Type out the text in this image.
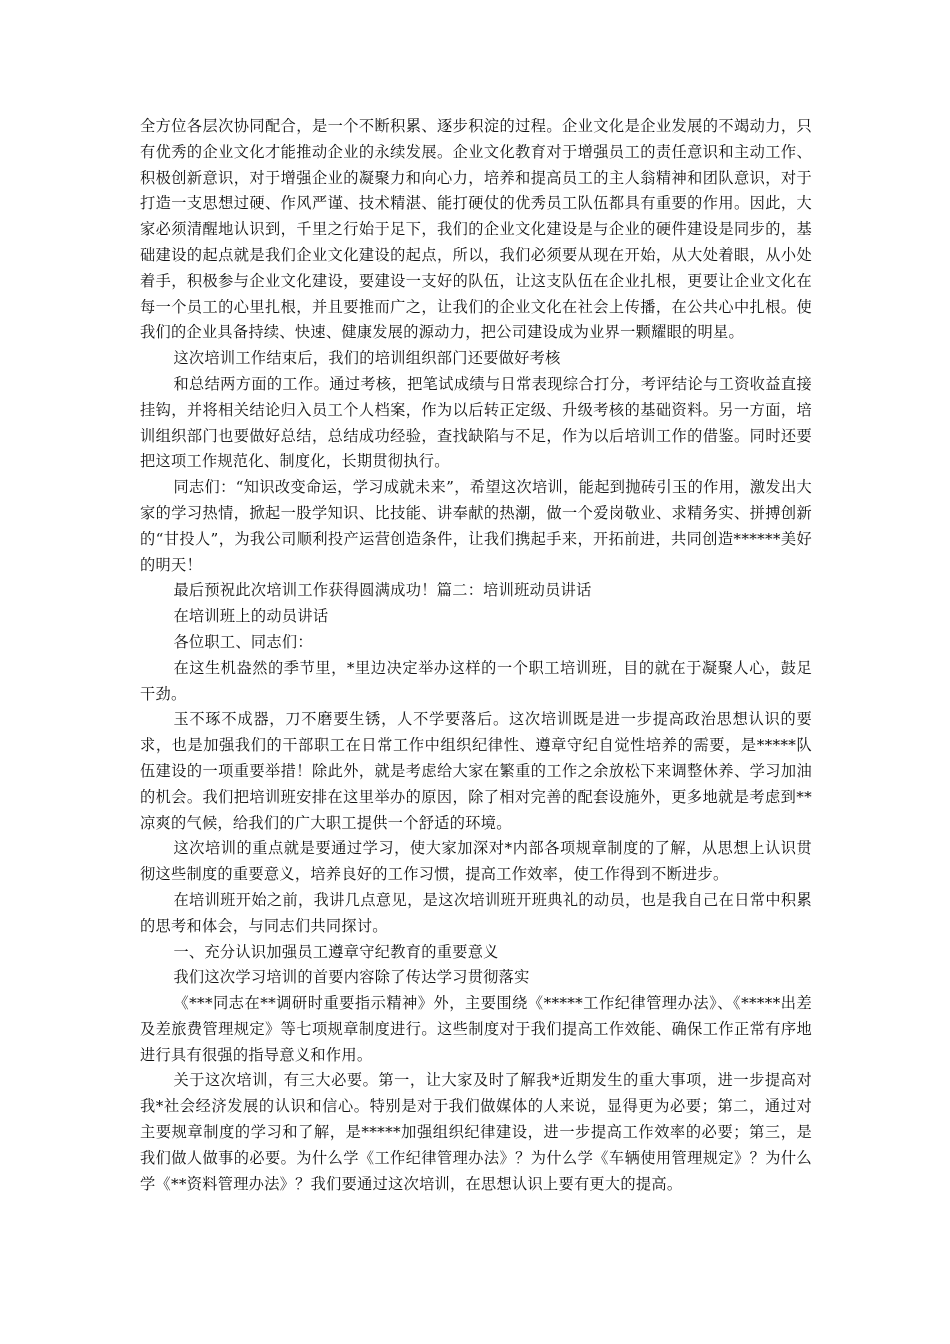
全方位各层次协同配合，是一个不断积累、逐步积淀的过程。企业文化是企业发展的不竭动力，只有优秀的企业文化才能推动企业的永续发展。企业文化教育对于增强员工的责任意识和主动工作、积极创新意识，对于增强企业的凝聚力和向心力，培养和提高员工的主人翁精神和团队意识，对于打造一支思想过硬、作风严谨、技术精湛、能打硬仗的优秀员工队伍都具有重要的作用。因此，大家必须清醒地认识到，千里之行始于足下，我们的企业文化建设是与企业的硬件建设是同步的，基础建设的起点就是我们企业文化建设的起点，所以，我们必须要从现在开始，从大处着眼，从小处着手，积极参与企业文化建设，要建设一支好的队伍，让这支队伍在企业扎根，更要让企业文化在每一个员工的心里扎根，并且要推而广之，让我们的企业文化在社会上传播，在公共心中扎根。使我们的企业具备持续、快速、健康发展的源动力，把公司建设成为业界一颗耀眼的明星。

这次培训工作结束后，我们的培训组织部门还要做好考核

和总结两方面的工作。通过考核，把笔试成绩与日常表现综合打分，考评结论与工资收益直接挂钩，并将相关结论归入员工个人档案，作为以后转正定级、升级考核的基础资料。另一方面，培训组织部门也要做好总结，总结成功经验，查找缺陷与不足，作为以后培训工作的借鉴。同时还要把这项工作规范化、制度化，长期贯彻执行。

同志们：“知识改变命运，学习成就未来”，希望这次培训，能起到抛砖引玉的作用，激发出大家的学习热情，掀起一股学知识、比技能、讲奉献的热潮，做一个爱岗敬业、求精务实、拼搏创新的“甘投人”，为我公司顺利投产运营创造条件，让我们携起手来，开拓前进，共同创造******美好的明天！

最后预祝此次培训工作获得圆满成功！篇二：培训班动员讲话

在培训班上的动员讲话

各位职工、同志们：

在这生机盎然的季节里，*里边决定举办这样的一个职工培训班，目的就在于凝聚人心，鼓足干劲。

玉不琢不成器，刀不磨要生锈，人不学要落后。这次培训既是进一步提高政治思想认识的要求，也是加强我们的干部职工在日常工作中组织纪律性、遵章守纪自觉性培养的需要，是*****队伍建设的一项重要举措！除此外，就是考虑给大家在繁重的工作之余放松下来调整休养、学习加油的机会。我们把培训班安排在这里举办的原因，除了相对完善的配套设施外，更多地就是考虑到**凉爽的气候，给我们的广大职工提供一个舒适的环境。

这次培训的重点就是要通过学习，使大家加深对*内部各项规章制度的了解，从思想上认识贯彻这些制度的重要意义，培养良好的工作习惯，提高工作效率，使工作得到不断进步。

在培训班开始之前，我讲几点意见，是这次培训班开班典礼的动员，也是我自己在日常中积累的思考和体会，与同志们共同探讨。

一、充分认识加强员工遵章守纪教育的重要意义

我们这次学习培训的首要内容除了传达学习贯彻落实

《***同志在**调研时重要指示精神》外，主要围绕《*****工作纪律管理办法》、《*****出差及差旅费管理规定》等七项规章制度进行。这些制度对于我们提高工作效能、确保工作正常有序地进行具有很强的指导意义和作用。

关于这次培训，有三大必要。第一，让大家及时了解我*近期发生的重大事项，进一步提高对我*社会经济发展的认识和信心。特别是对于我们做媒体的人来说，显得更为必要；第二，通过对主要规章制度的学习和了解，是*****加强组织纪律建设，进一步提高工作效率的必要；第三，是我们做人做事的必要。为什么学《工作纪律管理办法》？为什么学《车辆使用管理规定》？为什么学《**资料管理办法》？我们要通过这次培训，在思想认识上要有更大的提高。
